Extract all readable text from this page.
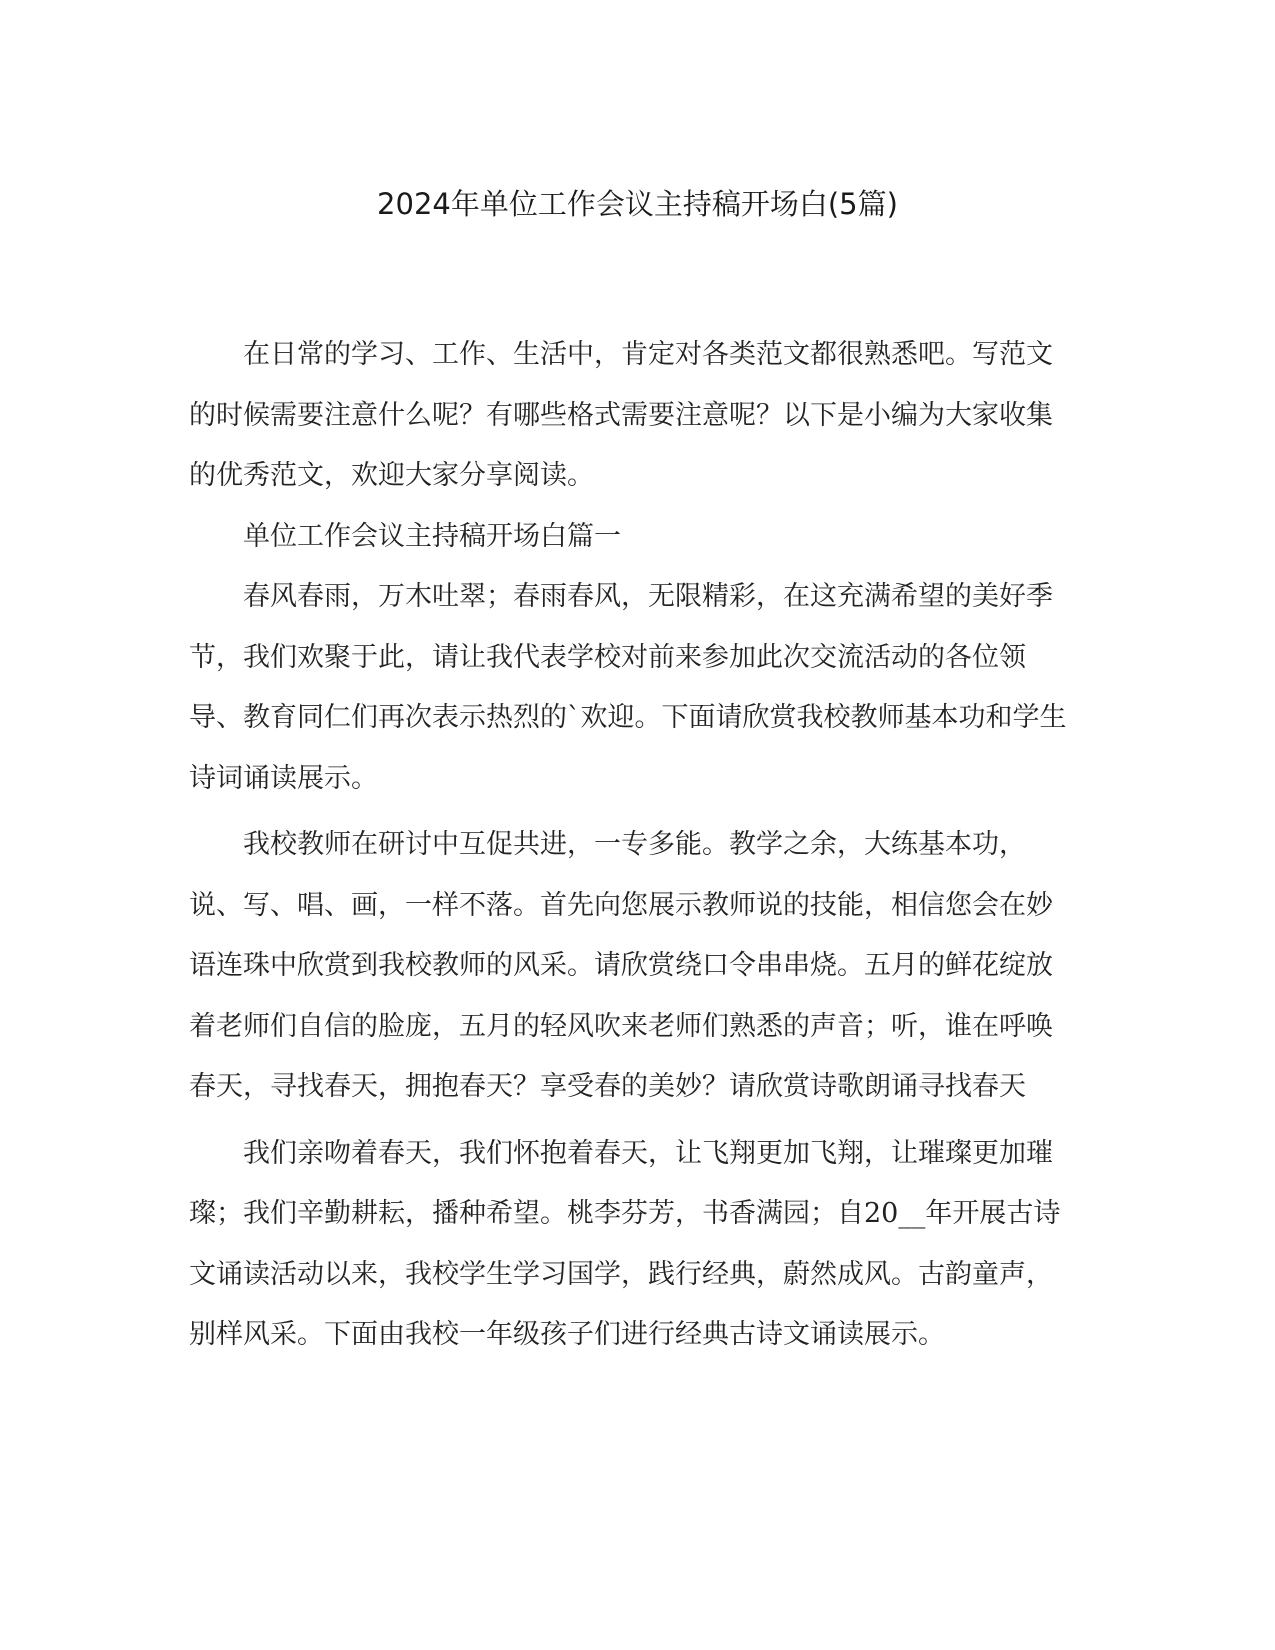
2024年单位工作会议主持稿开场白(5篇)

在日常的学习、工作、生活中，肯定对各类范文都很熟悉吧。写范文的时候需要注意什么呢？有哪些格式需要注意呢？以下是小编为大家收集的优秀范文，欢迎大家分享阅读。

单位工作会议主持稿开场白篇一

春风春雨，万木吐翠；春雨春风，无限精彩，在这充满希望的美好季节，我们欢聚于此，请让我代表学校对前来参加此次交流活动的各位领导、教育同仁们再次表示热烈的`欢迎。下面请欣赏我校教师基本功和学生诗词诵读展示。

我校教师在研讨中互促共进，一专多能。教学之余，大练基本功，说、写、唱、画，一样不落。首先向您展示教师说的技能，相信您会在妙语连珠中欣赏到我校教师的风采。请欣赏绕口令串串烧。五月的鲜花绽放着老师们自信的脸庞，五月的轻风吹来老师们熟悉的声音；听，谁在呼唤春天，寻找春天，拥抱春天？享受春的美妙？请欣赏诗歌朗诵寻找春天

我们亲吻着春天，我们怀抱着春天，让飞翔更加飞翔，让璀璨更加璀璨；我们辛勤耕耘，播种希望。桃李芬芳，书香满园；自20__年开展古诗文诵读活动以来，我校学生学习国学，践行经典，蔚然成风。古韵童声，别样风采。下面由我校一年级孩子们进行经典古诗文诵读展示。
